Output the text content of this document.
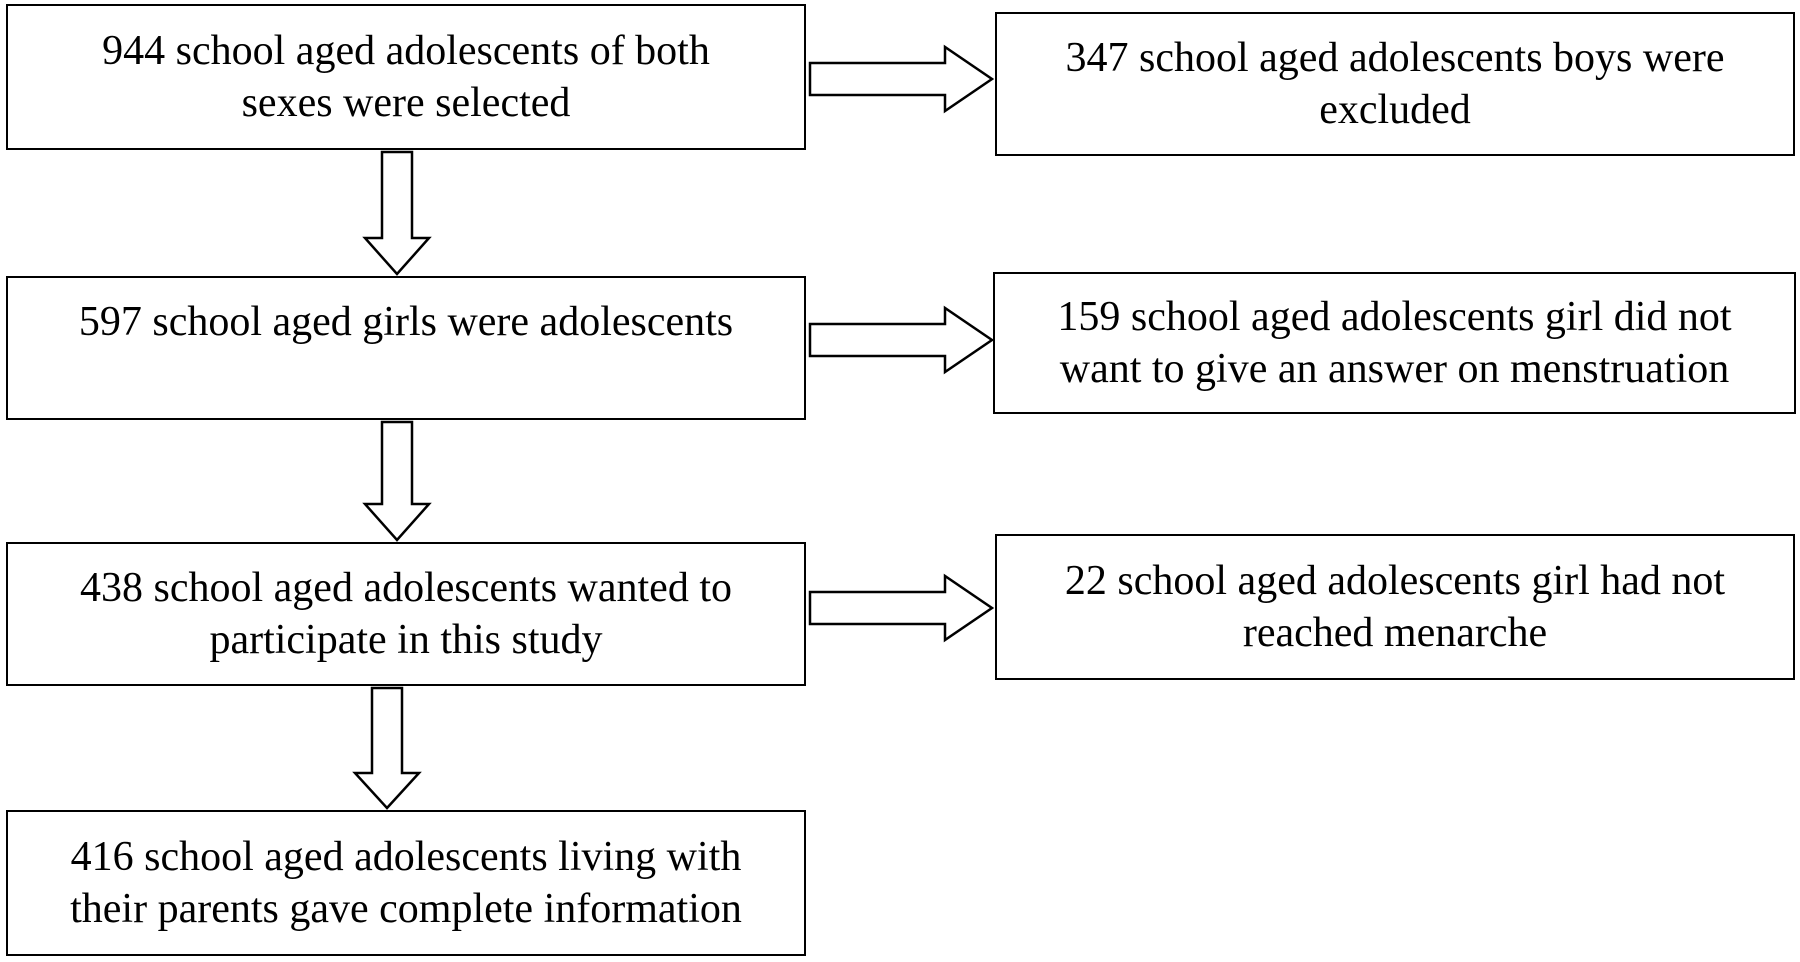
944 school aged adolescents of both
sexes were selected
347 school aged adolescents boys were
excluded
597 school aged girls were adolescents	159 school aged adolescents girl did not
want to give an answer on menstruation
438 school aged adolescents wanted to
participate in this study
22 school aged adolescents girl had not
reached menarche
416 school aged adolescents living with
their parents gave complete information
